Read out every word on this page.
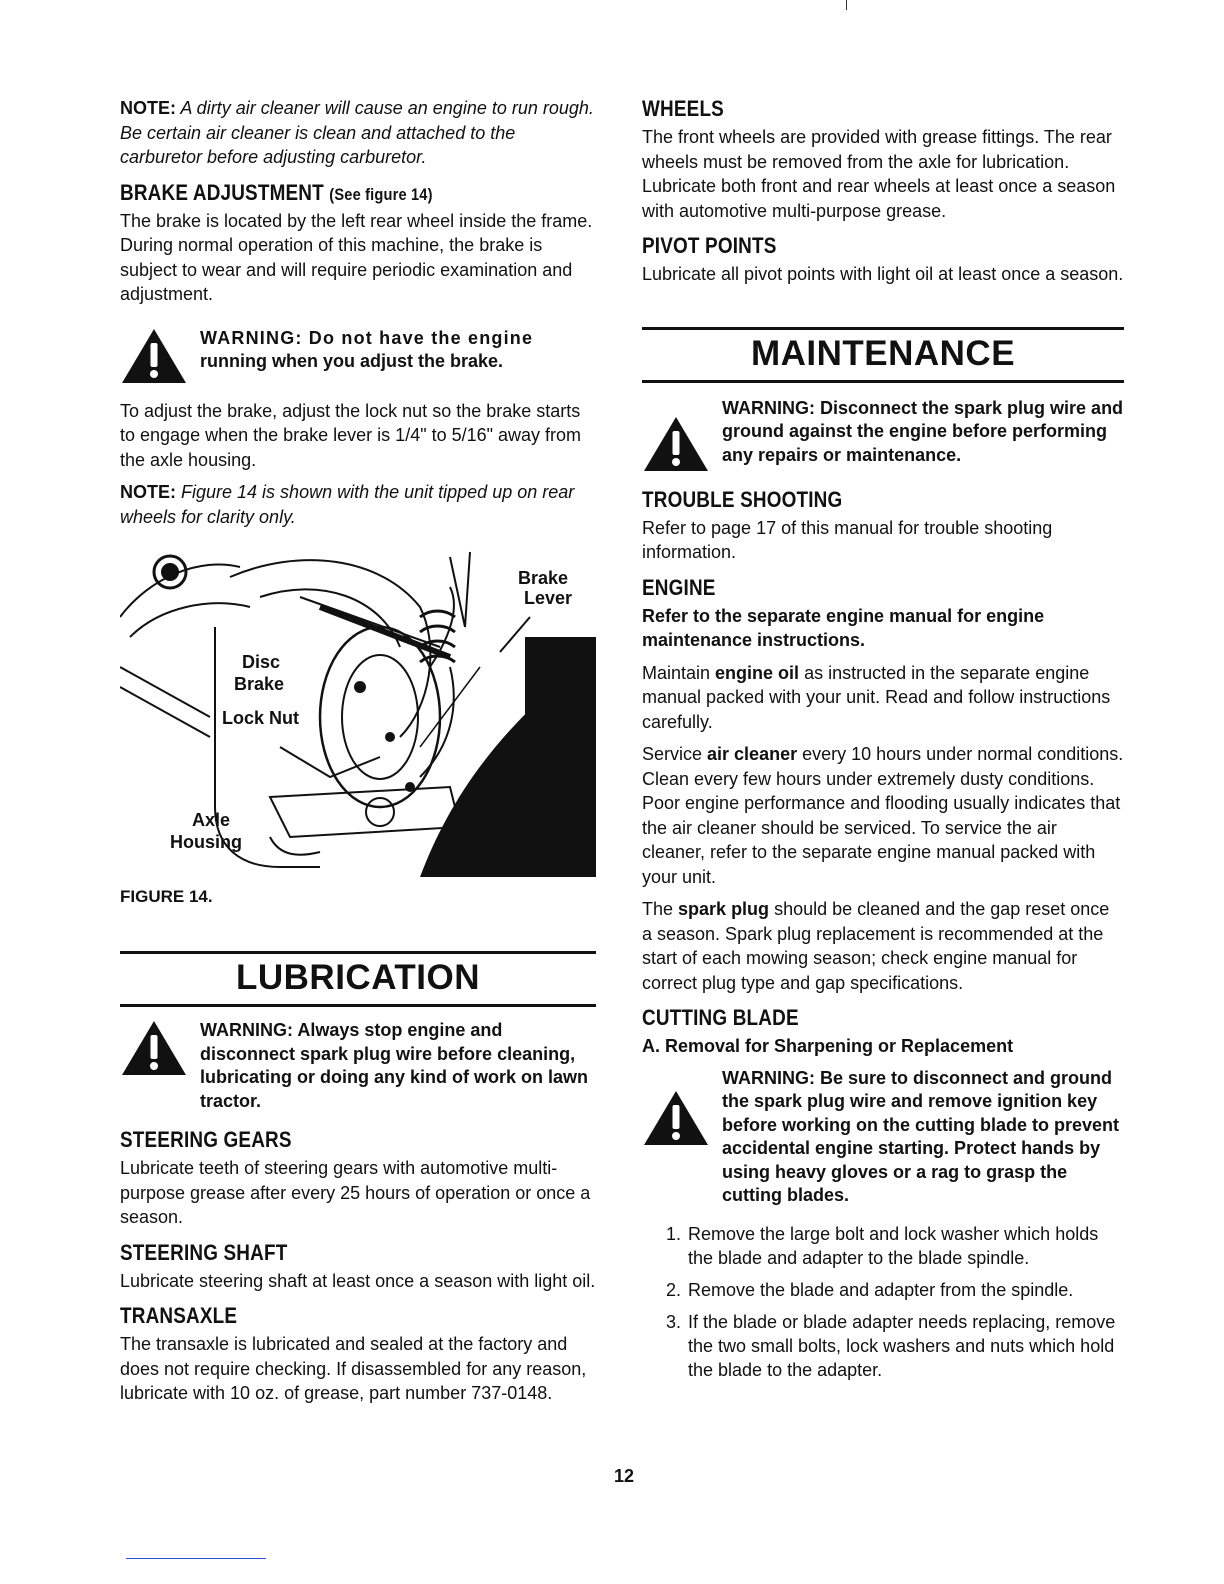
NOTE: A dirty air cleaner will cause an engine to run rough. Be certain air cleaner is clean and attached to the carburetor before adjusting carburetor.

BRAKE ADJUSTMENT (See figure 14)

The brake is located by the left rear wheel inside the frame. During normal operation of this machine, the brake is subject to wear and will require periodic examination and adjustment.

WARNING: Do not have the engine
running when you adjust the brake.

To adjust the brake, adjust the lock nut so the brake starts to engage when the brake lever is 1/4" to 5/16" away from the axle housing.

NOTE: Figure 14 is shown with the unit tipped up on rear wheels for clarity only.

Brake
Lever
Disc
Brake
Lock Nut
Axle
Housing
FIGURE 14.
LUBRICATION
WARNING: Always stop engine and disconnect spark plug wire before cleaning, lubricating or doing any kind of work on lawn tractor.
STEERING GEARS

Lubricate teeth of steering gears with automotive multi-purpose grease after every 25 hours of operation or once a season.

STEERING SHAFT

Lubricate steering shaft at least once a season with light oil.

TRANSAXLE

The transaxle is lubricated and sealed at the factory and does not require checking. If disassembled for any reason, lubricate with 10 oz. of grease, part number 737-0148.

WHEELS

The front wheels are provided with grease fittings. The rear wheels must be removed from the axle for lubrication. Lubricate both front and rear wheels at least once a season with automotive multi-purpose grease.

PIVOT POINTS

Lubricate all pivot points with light oil at least once a season.

MAINTENANCE
WARNING: Disconnect the spark plug wire and ground against the engine before performing any repairs or maintenance.
TROUBLE SHOOTING

Refer to page 17 of this manual for trouble shooting information.

ENGINE

Refer to the separate engine manual for engine maintenance instructions.

Maintain engine oil as instructed in the separate engine manual packed with your unit. Read and follow instructions carefully.

Service air cleaner every 10 hours under normal conditions. Clean every few hours under extremely dusty conditions. Poor engine performance and flooding usually indicates that the air cleaner should be serviced. To service the air cleaner, refer to the separate engine manual packed with your unit.

The spark plug should be cleaned and the gap reset once a season. Spark plug replacement is recommended at the start of each mowing season; check engine manual for correct plug type and gap specifications.

CUTTING BLADE

A. Removal for Sharpening or Replacement

WARNING: Be sure to disconnect and ground the spark plug wire and remove ignition key before working on the cutting blade to prevent accidental engine starting. Protect hands by using heavy gloves or a rag to grasp the cutting blades.
1. Remove the large bolt and lock washer which holds the blade and adapter to the blade spindle.
2. Remove the blade and adapter from the spindle.
3. If the blade or blade adapter needs replacing, remove the two small bolts, lock washers and nuts which hold the blade to the adapter.
12
